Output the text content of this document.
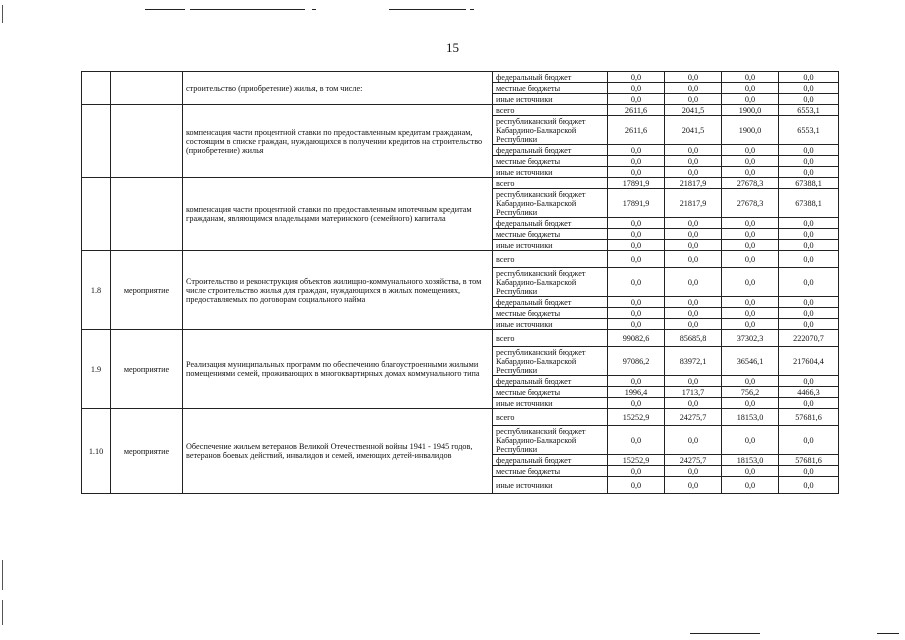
15
		строительство (приобретение) жилья, в том числе:	федеральный бюджет	0,0	0,0	0,0	0,0
			местные бюджеты	0,0	0,0	0,0	0,0
			иные источники	0,0	0,0	0,0	0,0
		компенсация части процентной ставки по предоставленным кредитам гражданам, состоящим в списке граждан, нуждающихся в получении кредитов на строительство (приобретение) жилья	всего	2611,6	2041,5	1900,0	6553,1
			республиканский бюджет Кабардино-Балкарской Республики	2611,6	2041,5	1900,0	6553,1
			федеральный бюджет	0,0	0,0	0,0	0,0
			местные бюджеты	0,0	0,0	0,0	0,0
			иные источники	0,0	0,0	0,0	0,0
		компенсация части процентной ставки по предоставленным ипотечным кредитам гражданам, являющимся владельцами материнского (семейного) капитала	всего	17891,9	21817,9	27678,3	67388,1
			республиканский бюджет Кабардино-Балкарской Республики	17891,9	21817,9	27678,3	67388,1
			федеральный бюджет	0,0	0,0	0,0	0,0
			местные бюджеты	0,0	0,0	0,0	0,0
			иные источники	0,0	0,0	0,0	0,0
1.8	мероприятие	Строительство и реконструкция объектов жилищно-коммунального хозяйства, в том числе строительство жилья для граждан, нуждающихся в жилых помещениях, предоставляемых по договорам социального найма	всего	0,0	0,0	0,0	0,0
			республиканский бюджет Кабардино-Балкарской Республики	0,0	0,0	0,0	0,0
			федеральный бюджет	0,0	0,0	0,0	0,0
			местные бюджеты	0,0	0,0	0,0	0,0
			иные источники	0,0	0,0	0,0	0,0
1.9	мероприятие	Реализация муниципальных программ по обеспечению благоустроенными жилыми помещениями семей, проживающих в многоквартирных домах коммунального типа	всего	99082,6	85685,8	37302,3	222070,7
			республиканский бюджет Кабардино-Балкарской Республики	97086,2	83972,1	36546,1	217604,4
			федеральный бюджет	0,0	0,0	0,0	0,0
			местные бюджеты	1996,4	1713,7	756,2	4466,3
			иные источники	0,0	0,0	0,0	0,0
1.10	мероприятие	Обеспечение жильем ветеранов Великой Отечественной войны 1941 - 1945 годов, ветеранов боевых действий, инвалидов и семей, имеющих детей-инвалидов	всего	15252,9	24275,7	18153,0	57681,6
			республиканский бюджет Кабардино-Балкарской Республики	0,0	0,0	0,0	0,0
			федеральный бюджет	15252,9	24275,7	18153,0	57681,6
			местные бюджеты	0,0	0,0	0,0	0,0
			иные источники	0,0	0,0	0,0	0,0
